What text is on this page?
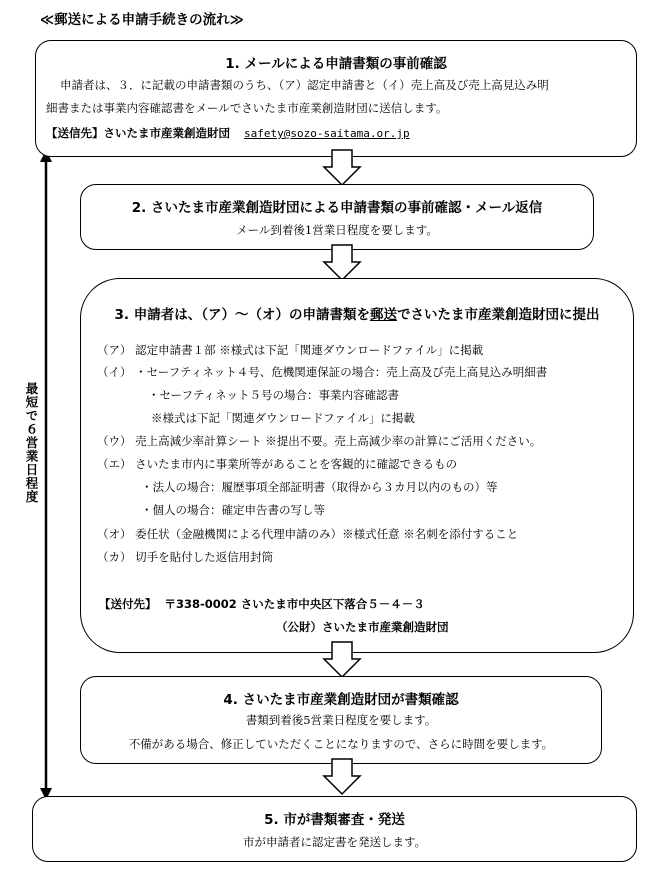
≪郵送による申請手続きの流れ≫
最短で６営業日程度
1. メールによる申請書類の事前確認
申請者は、３．に記載の申請書類のうち、（ア）認定申請書と（イ）売上高及び売上高見込み明
細書または事業内容確認書をメールでさいたま市産業創造財団に送信します。
【送信先】さいたま市産業創造財団 safety@sozo-saitama.or.jp
2. さいたま市産業創造財団による申請書類の事前確認・メール返信
メール到着後1営業日程度を要します。
3. 申請者は、（ア）～（オ）の申請書類を郵送でさいたま市産業創造財団に提出
（ア） 認定申請書１部 ※様式は下記「関連ダウンロードファイル」に掲載
（イ） ・セーフティネット４号、危機関連保証の場合：売上高及び売上高見込み明細書
・セーフティネット５号の場合：事業内容確認書
※様式は下記「関連ダウンロードファイル」に掲載
（ウ） 売上高減少率計算シート ※提出不要。売上高減少率の計算にご活用ください。
（エ） さいたま市内に事業所等があることを客観的に確認できるもの
・法人の場合：履歴事項全部証明書（取得から３カ月以内のもの）等
・個人の場合：確定申告書の写し等
（オ） 委任状（金融機関による代理申請のみ）※様式任意 ※名刺を添付すること
（カ） 切手を貼付した返信用封筒
【送付先】 〒338-0002 さいたま市中央区下落合５－４－３
（公財）さいたま市産業創造財団
4. さいたま市産業創造財団が書類確認
書類到着後5営業日程度を要します。
不備がある場合、修正していただくことになりますので、さらに時間を要します。
5. 市が書類審査・発送
市が申請者に認定書を発送します。
